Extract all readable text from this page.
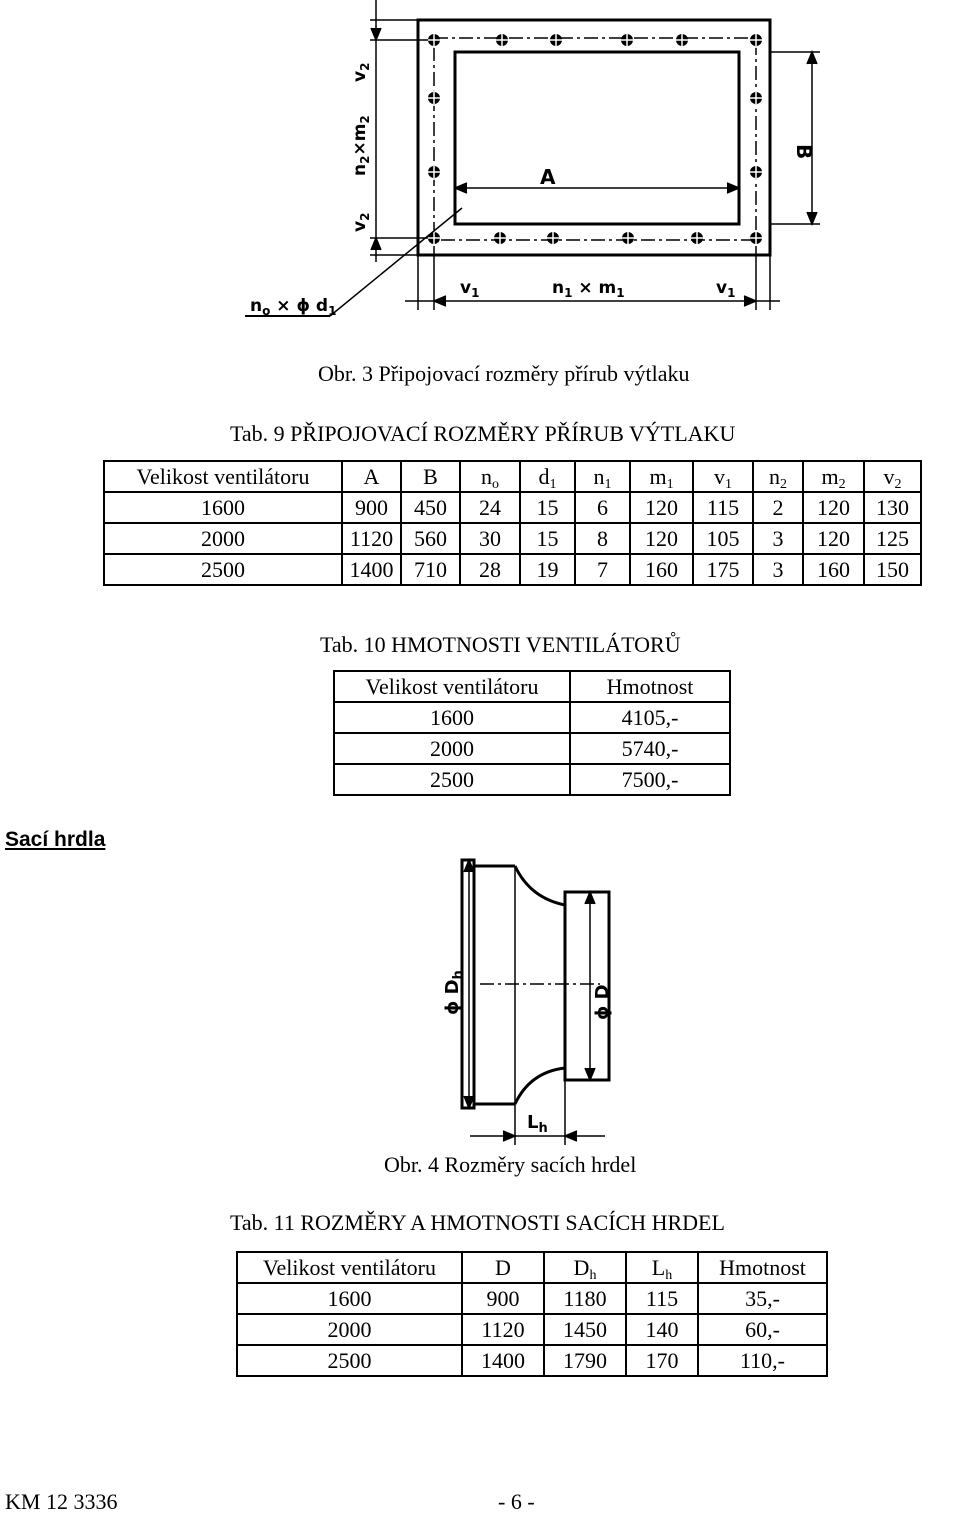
A
B
$v_1$	$v_1$
$n_1 \times m_1$
$n_o \times \phi$ $d_1$
$v_2$
$n_2\times m_2$
$v_2$
Obr. 3 Připojovací rozměry přírub výtlaku
Tab. 9 PŘIPOJOVACÍ ROZMĚRY PŘÍRUB VÝTLAKU
Velikost ventilátoru	A	B	$n_o$	$d_1$	$n_1$	$m_1$	$v_1$	$n_2$	$m_2$	$v_2$
1600	900	450	24	15	6	120	115	2	120	130
2000	1120	560	30	15	8	120	105	3	120	125
2500	1400	710	28	19	7	160	175	3	160	150
Tab. 10 HMOTNOSTI VENTILÁTORŮ
Velikost ventilátoru	Hmotnost
1600	4105,-
2000	5740,-
2500	7500,-
Sací hrdla
ϕ $D_h$
ϕ D
$L_h$
Obr. 4 Rozměry sacích hrdel
Tab. 11 ROZMĚRY A HMOTNOSTI SACÍCH HRDEL
Velikost ventilátoru	D	$D_h$	$L_h$	Hmotnost
1600	900	1180	115	35,-
2000	1120	1450	140	60,-
2500	1400	1790	170	110,-
KM 12 3336	- 6 -
